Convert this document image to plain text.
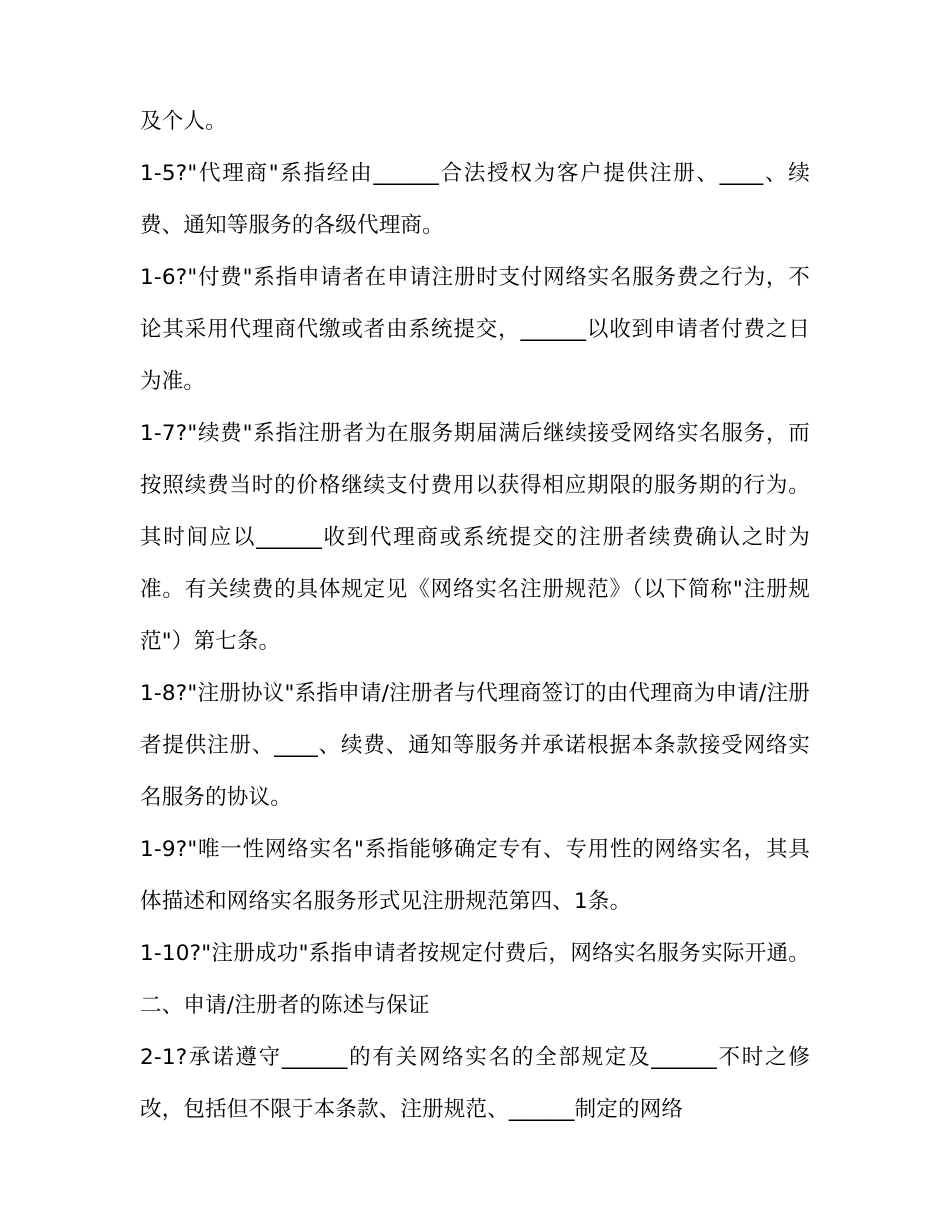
及个人。

1-5?"代理商"系指经由______合法授权为客户提供注册、____、续费、通知等服务的各级代理商。

1-6?"付费"系指申请者在申请注册时支付网络实名服务费之行为，不论其采用代理商代缴或者由系统提交，______以收到申请者付费之日为准。

1-7?"续费"系指注册者为在服务期届满后继续接受网络实名服务，而按照续费当时的价格继续支付费用以获得相应期限的服务期的行为。其时间应以______收到代理商或系统提交的注册者续费确认之时为准。有关续费的具体规定见《网络实名注册规范》（以下简称"注册规范"）第七条。

1-8?"注册协议"系指申请/注册者与代理商签订的由代理商为申请/注册者提供注册、____、续费、通知等服务并承诺根据本条款接受网络实名服务的协议。

1-9?"唯一性网络实名"系指能够确定专有、专用性的网络实名，其具体描述和网络实名服务形式见注册规范第四、1条。

1-10?"注册成功"系指申请者按规定付费后，网络实名服务实际开通。 二、申请/注册者的陈述与保证

2-1?承诺遵守______的有关网络实名的全部规定及______不时之修改，包括但不限于本条款、注册规范、______制定的网络
